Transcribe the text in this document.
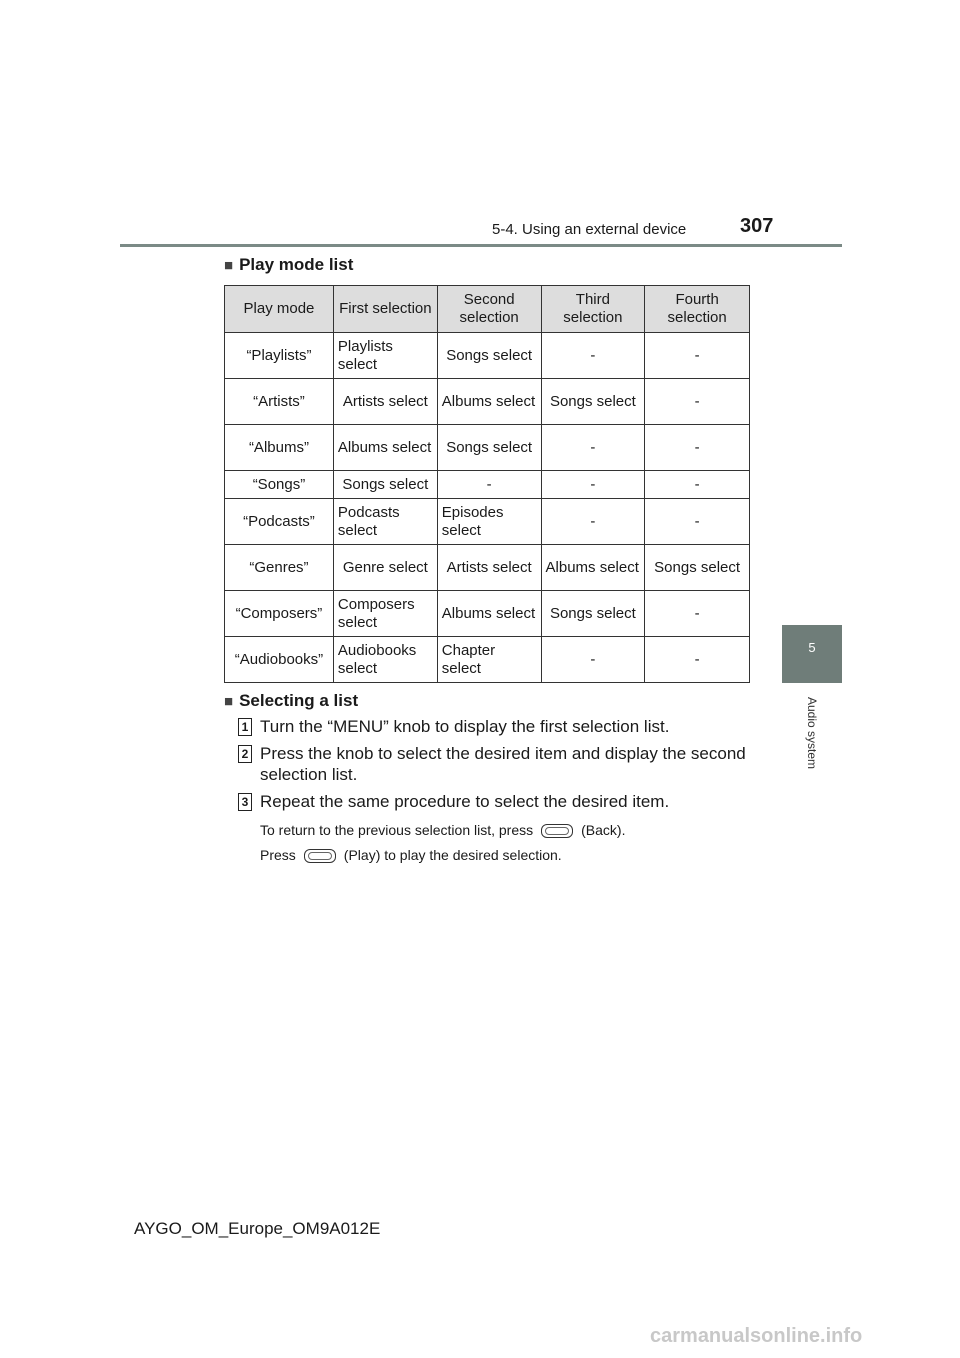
5-4. Using an external device	307
5
Audio system
■ Play mode list
Play mode	First selection	Second selection	Third selection	Fourth selection
“Playlists”	Playlists select	Songs select	-	-
“Artists”	Artists select	Albums select	Songs select	-
“Albums”	Albums select	Songs select	-	-
“Songs”	Songs select	-	-	-
“Podcasts”	Podcasts select	Episodes select	-	-
“Genres”	Genre select	Artists select	Albums select	Songs select
“Composers”	Composers select	Albums select	Songs select	-
“Audiobooks”	Audiobooks select	Chapter select	-	-
■ Selecting a list
1 Turn the “MENU” knob to display the first selection list.
2 Press the knob to select the desired item and display the second selection list.
3 Repeat the same procedure to select the desired item.
To return to the previous selection list, press	(Back).
Press	(Play) to play the desired selection.
AYGO_OM_Europe_OM9A012E
carmanualsonline.info
